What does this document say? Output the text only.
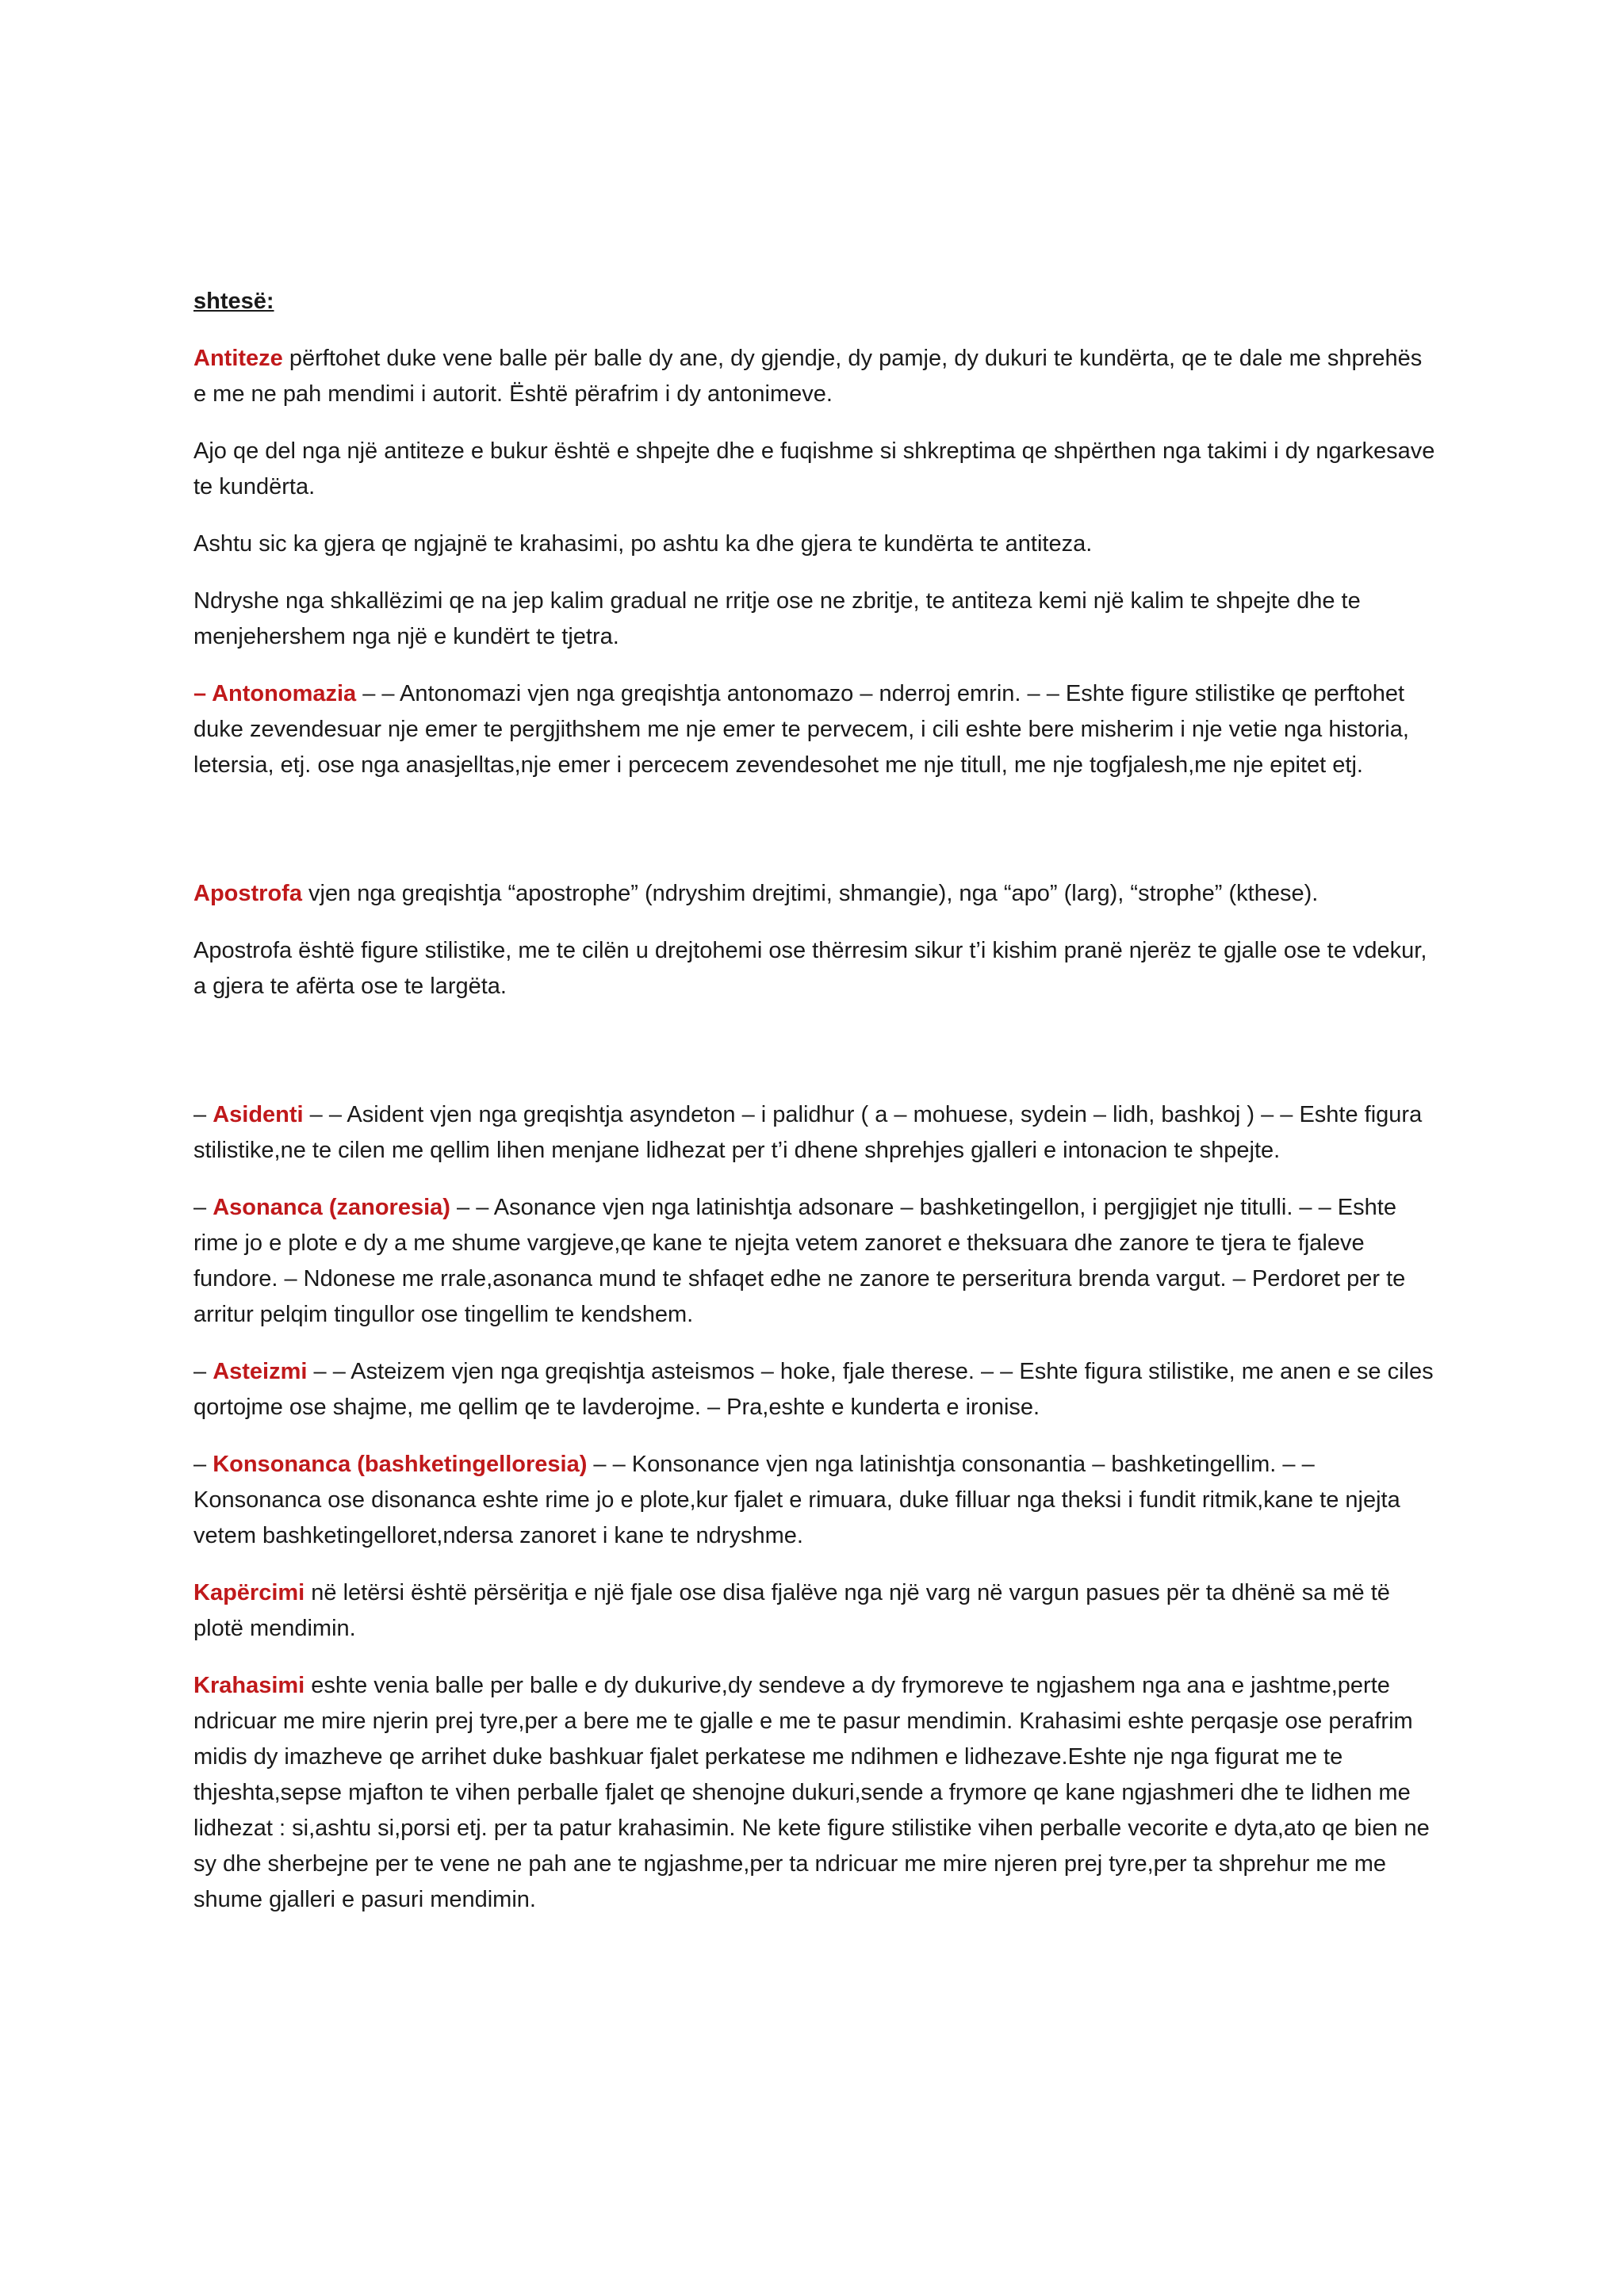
shtesë:

Antiteze përftohet duke vene balle për balle dy ane, dy gjendje, dy pamje, dy dukuri te kundërta, qe te dale me shprehës e me ne pah mendimi i autorit. Është përafrim i dy antonimeve.

Ajo qe del nga një antiteze e bukur është e shpejte dhe e fuqishme si shkreptima qe shpërthen nga takimi i dy ngarkesave te kundërta.

Ashtu sic ka gjera qe ngjajnë te krahasimi, po ashtu ka dhe gjera te kundërta te antiteza.

Ndryshe nga shkallëzimi qe na jep kalim gradual ne rritje ose ne zbritje, te antiteza kemi një kalim te shpejte dhe te menjehershem nga një e kundërt te tjetra.

– Antonomazia – – Antonomazi vjen nga greqishtja antonomazo – nderroj emrin. – – Eshte figure stilistike qe perftohet duke zevendesuar nje emer te pergjithshem me nje emer te pervecem, i cili eshte bere misherim i nje vetie nga historia, letersia, etj. ose nga anasjelltas,nje emer i percecem zevendesohet me nje titull, me nje togfjalesh,me nje epitet etj.

Apostrofa vjen nga greqishtja “apostrophe” (ndryshim drejtimi, shmangie), nga “apo” (larg), “strophe” (kthese).

Apostrofa është figure stilistike, me te cilën u drejtohemi ose thërresim sikur t’i kishim pranë njerëz te gjalle ose te vdekur, a gjera te afërta ose te largëta.

– Asidenti – – Asident vjen nga greqishtja asyndeton – i palidhur ( a – mohuese, sydein – lidh, bashkoj ) – – Eshte figura stilistike,ne te cilen me qellim lihen menjane lidhezat per t’i dhene shprehjes gjalleri e intonacion te shpejte.

– Asonanca (zanoresia) – – Asonance vjen nga latinishtja adsonare – bashketingellon, i pergjigjet nje titulli. – – Eshte rime jo e plote e dy a me shume vargjeve,qe kane te njejta vetem zanoret e theksuara dhe zanore te tjera te fjaleve fundore. – Ndonese me rrale,asonanca mund te shfaqet edhe ne zanore te perseritura brenda vargut. – Perdoret per te arritur pelqim tingullor ose tingellim te kendshem.

– Asteizmi – – Asteizem vjen nga greqishtja asteismos – hoke, fjale therese. – – Eshte figura stilistike, me anen e se ciles qortojme ose shajme, me qellim qe te lavderojme. – Pra,eshte e kunderta e ironise.

– Konsonanca (bashketingelloresia) – – Konsonance vjen nga latinishtja consonantia – bashketingellim. – – Konsonanca ose disonanca eshte rime jo e plote,kur fjalet e rimuara, duke filluar nga theksi i fundit ritmik,kane te njejta vetem bashketingelloret,ndersa zanoret i kane te ndryshme.

Kapërcimi në letërsi është përsëritja e një fjale ose disa fjalëve nga një varg në vargun pasues për ta dhënë sa më të plotë mendimin.

Krahasimi eshte venia balle per balle e dy dukurive,dy sendeve a dy frymoreve te ngjashem nga ana e jashtme,perte ndricuar me mire njerin prej tyre,per a bere me te gjalle e me te pasur mendimin. Krahasimi eshte perqasje ose perafrim midis dy imazheve qe arrihet duke bashkuar fjalet perkatese me ndihmen e lidhezave.Eshte nje nga figurat me te thjeshta,sepse mjafton te vihen perballe fjalet qe shenojne dukuri,sende a frymore qe kane ngjashmeri dhe te lidhen me lidhezat : si,ashtu si,porsi etj. per ta patur krahasimin. Ne kete figure stilistike vihen perballe vecorite e dyta,ato qe bien ne sy dhe sherbejne per te vene ne pah ane te ngjashme,per ta ndricuar me mire njeren prej tyre,per ta shprehur me me shume gjalleri e pasuri mendimin.
